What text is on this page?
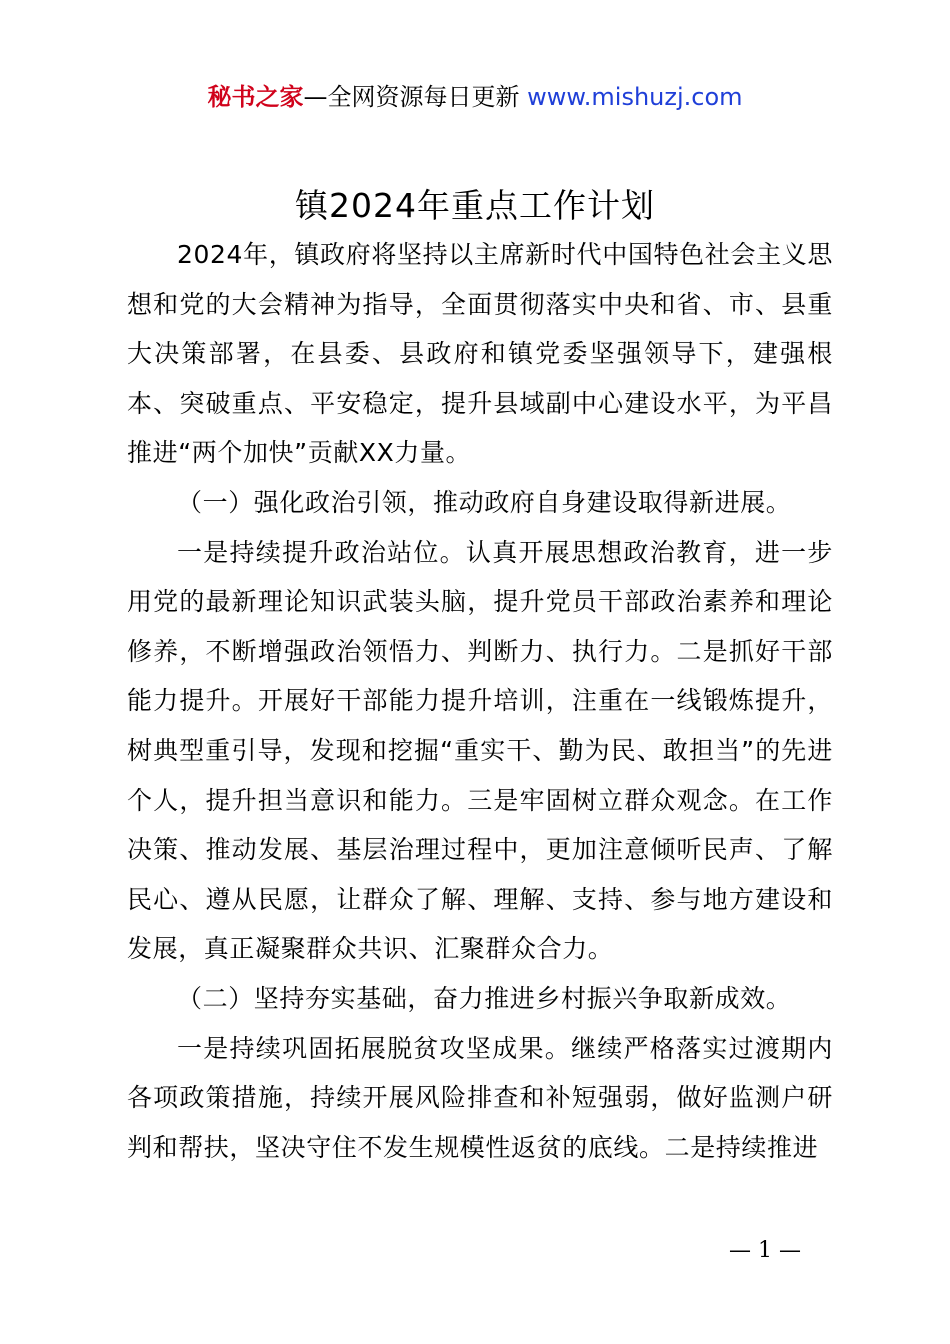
秘书之家—全网资源每日更新 www.mishuzj.com
镇2024年重点工作计划

2024年，镇政府将坚持以主席新时代中国特色社会主义思想和党的大会精神为指导，全面贯彻落实中央和省、市、县重大决策部署，在县委、县政府和镇党委坚强领导下，建强根本、突破重点、平安稳定，提升县域副中心建设水平，为平昌推进“两个加快”贡献XX力量。

（一）强化政治引领，推动政府自身建设取得新进展。

一是持续提升政治站位。认真开展思想政治教育，进一步用党的最新理论知识武装头脑，提升党员干部政治素养和理论修养，不断增强政治领悟力、判断力、执行力。二是抓好干部能力提升。开展好干部能力提升培训，注重在一线锻炼提升，树典型重引导，发现和挖掘“重实干、勤为民、敢担当”的先进个人，提升担当意识和能力。三是牢固树立群众观念。在工作决策、推动发展、基层治理过程中，更加注意倾听民声、了解民心、遵从民愿，让群众了解、理解、支持、参与地方建设和发展，真正凝聚群众共识、汇聚群众合力。

（二）坚持夯实基础，奋力推进乡村振兴争取新成效。

一是持续巩固拓展脱贫攻坚成果。继续严格落实过渡期内各项政策措施，持续开展风险排查和补短强弱，做好监测户研判和帮扶，坚决守住不发生规模性返贫的底线。二是持续推进

— 1 —
